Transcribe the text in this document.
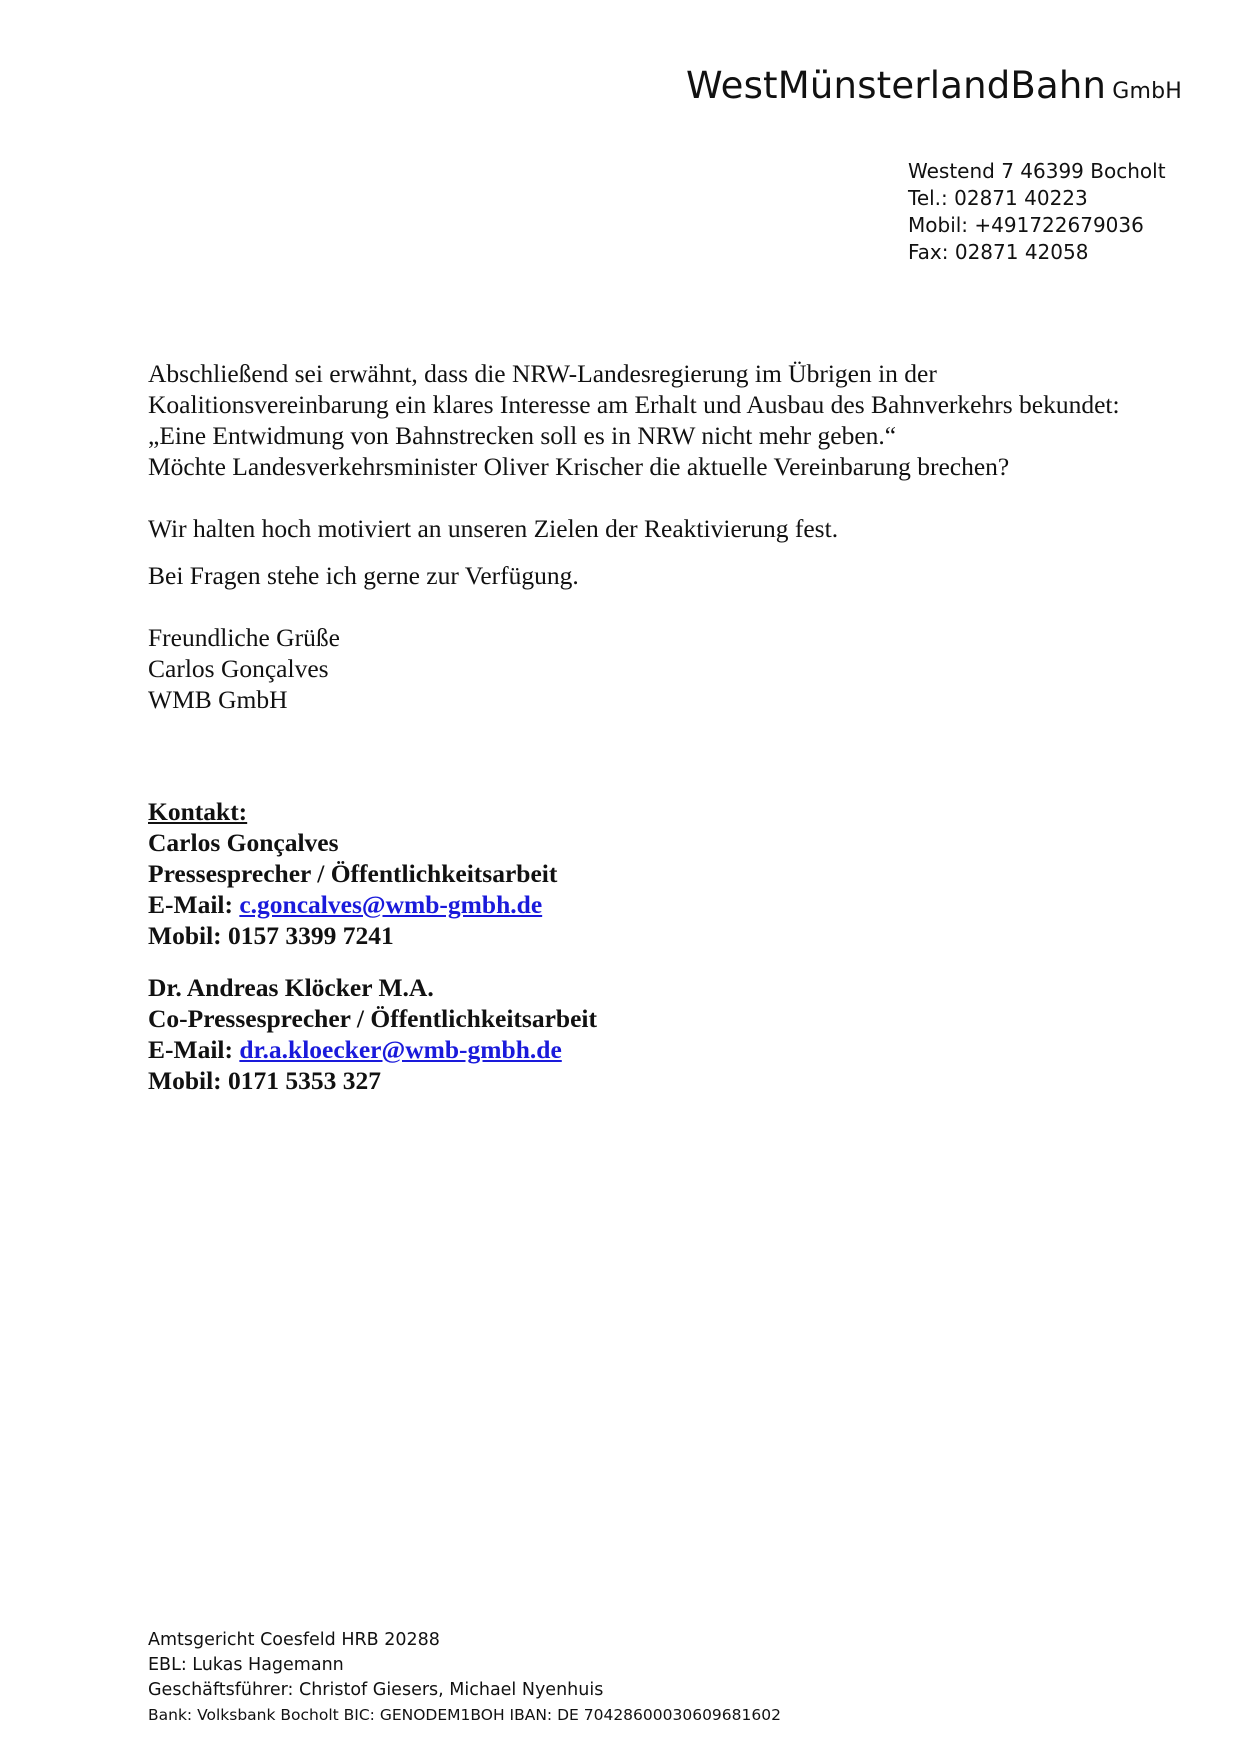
WestMünsterlandBahn GmbH
Westend 7 46399 Bocholt
Tel.: 02871 40223
Mobil: +491722679036
Fax: 02871 42058
Abschließend sei erwähnt, dass die NRW-Landesregierung im Übrigen in der
Koalitionsvereinbarung ein klares Interesse am Erhalt und Ausbau des Bahnverkehrs bekundet:
„Eine Entwidmung von Bahnstrecken soll es in NRW nicht mehr geben.“
Möchte Landesverkehrsminister Oliver Krischer die aktuelle Vereinbarung brechen?
Wir halten hoch motiviert an unseren Zielen der Reaktivierung fest.
Bei Fragen stehe ich gerne zur Verfügung.
Freundliche Grüße
Carlos Gonçalves
WMB GmbH
Kontakt:
Carlos Gonçalves
Pressesprecher / Öffentlichkeitsarbeit
E-Mail: c.goncalves@wmb-gmbh.de
Mobil: 0157 3399 7241
Dr. Andreas Klöcker M.A.
Co-Pressesprecher / Öffentlichkeitsarbeit
E-Mail: dr.a.kloecker@wmb-gmbh.de
Mobil: 0171 5353 327
Amtsgericht Coesfeld HRB 20288
EBL: Lukas Hagemann
Geschäftsführer: Christof Giesers, Michael Nyenhuis
Bank: Volksbank Bocholt BIC: GENODEM1BOH IBAN: DE 70428600030609681602
